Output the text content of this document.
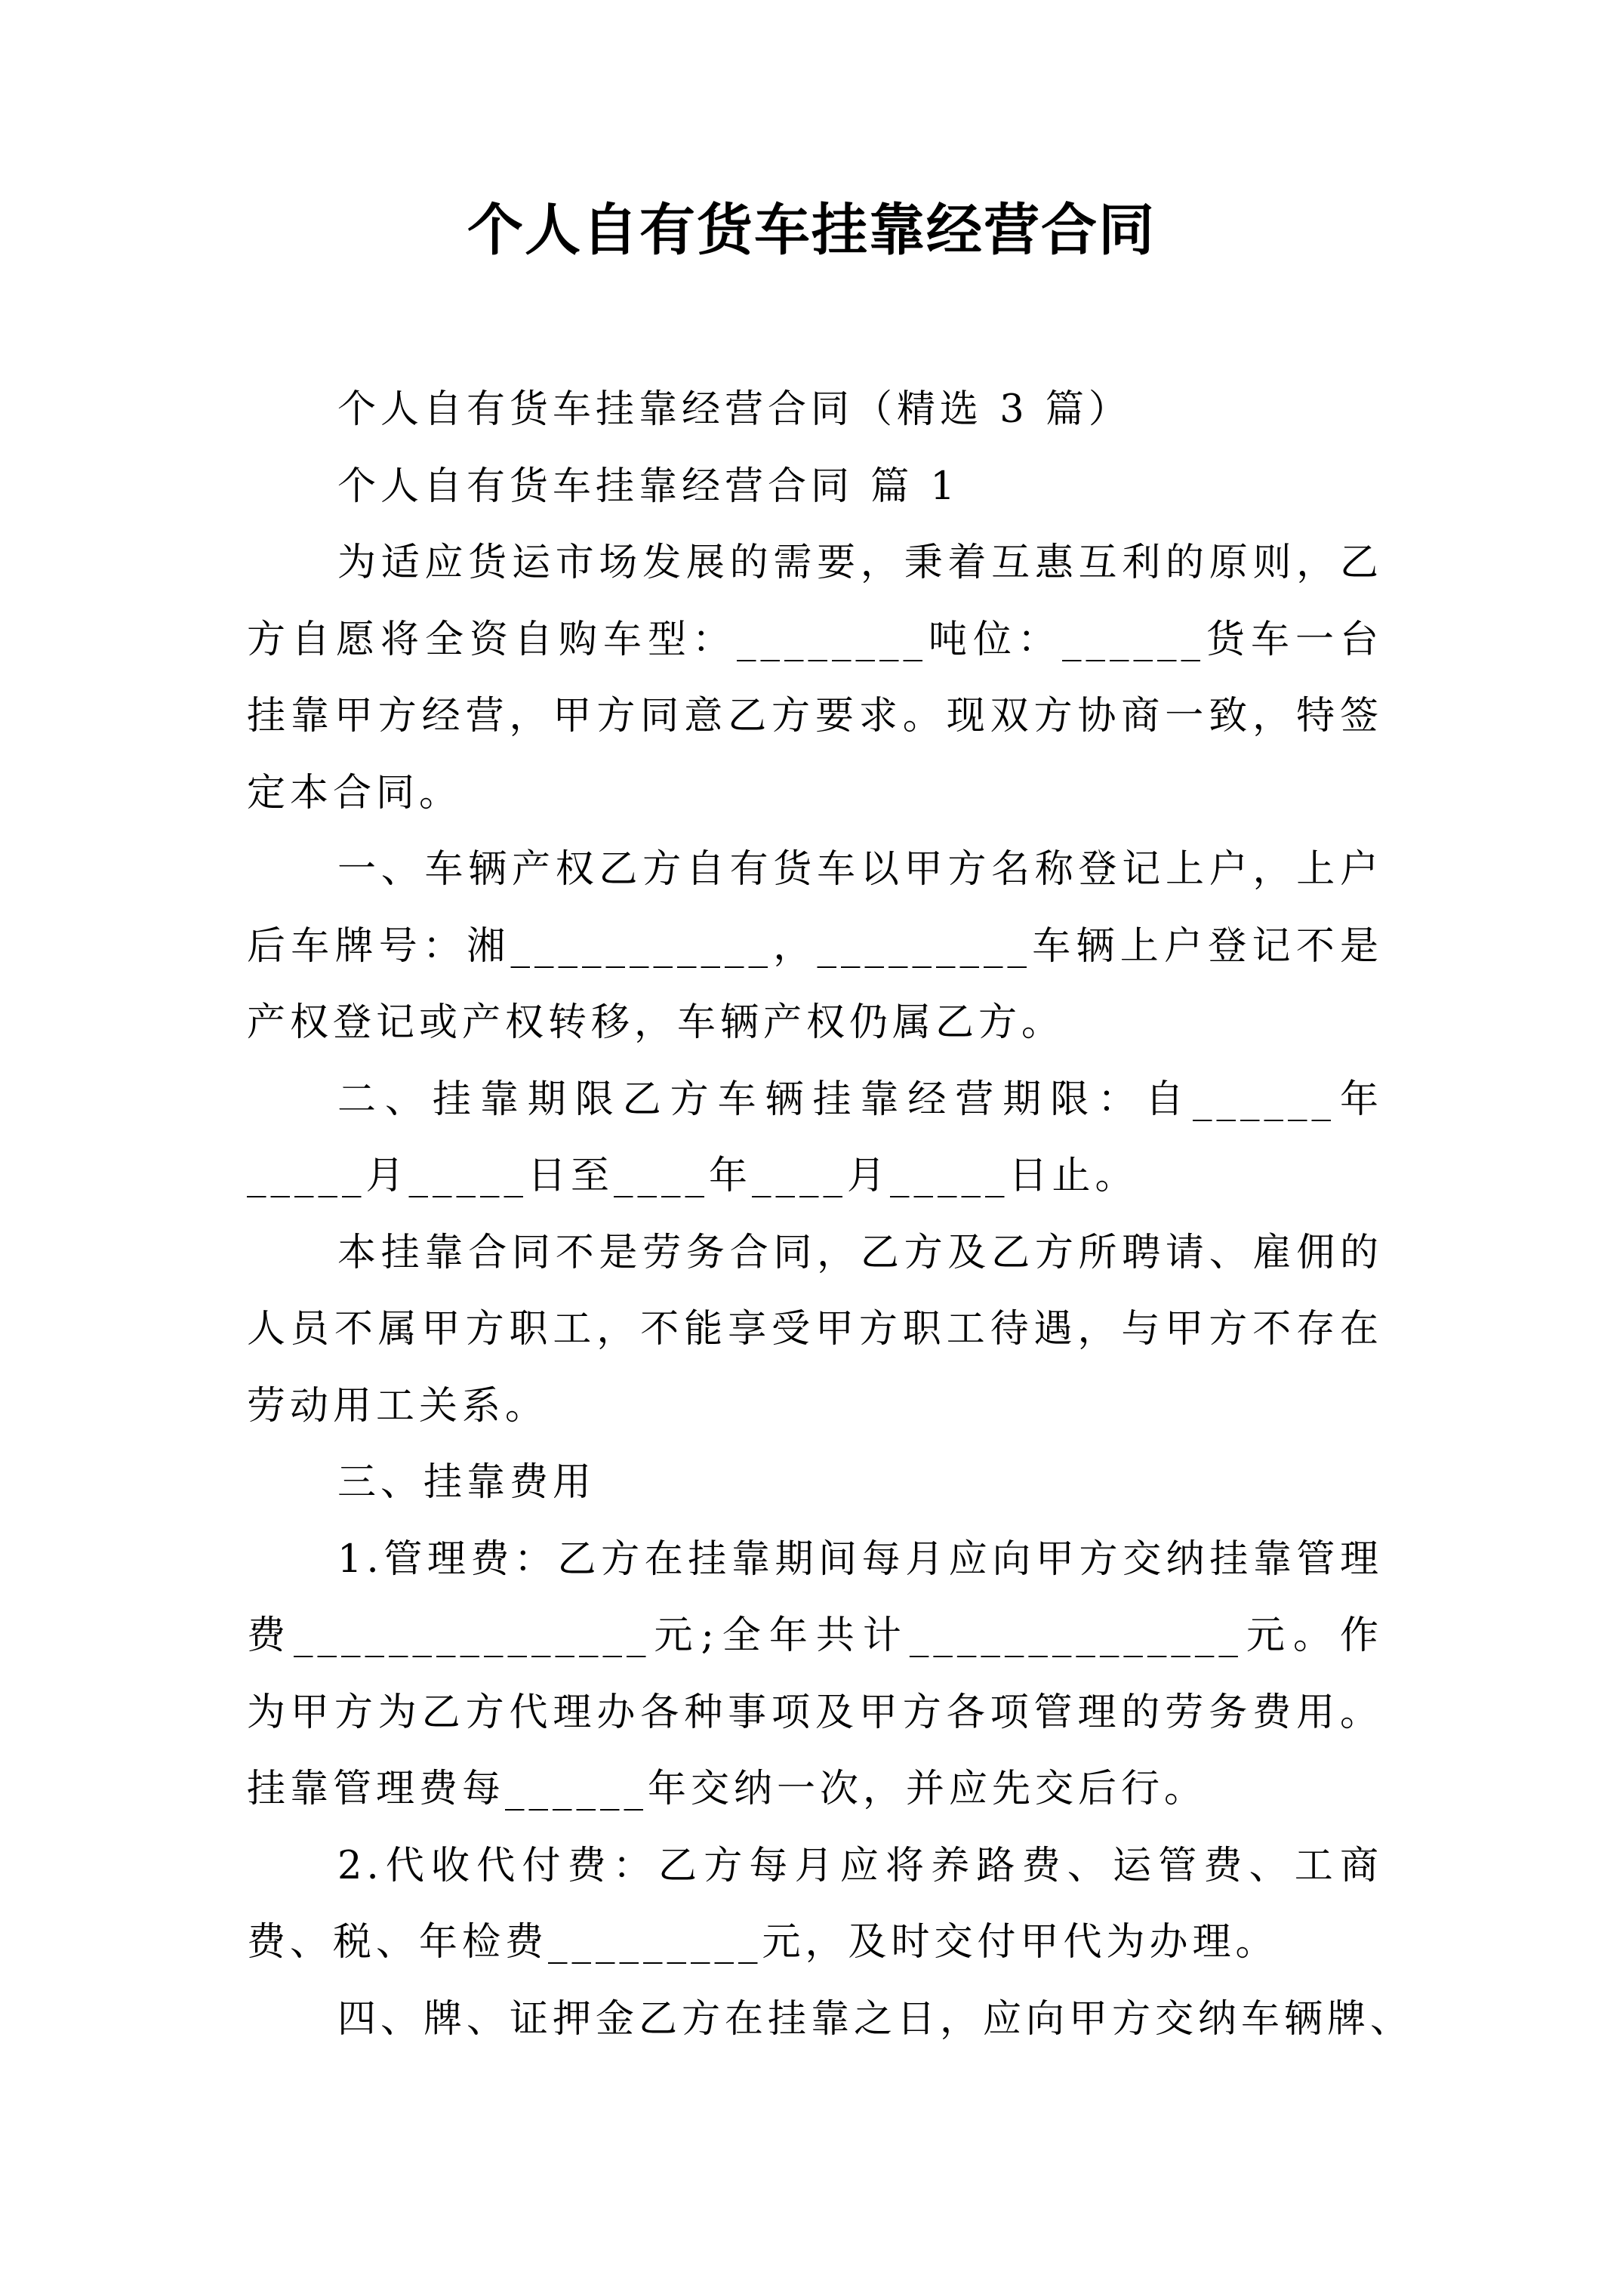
个人自有货车挂靠经营合同

个人自有货车挂靠经营合同（精选 3 篇）

个人自有货车挂靠经营合同 篇 1

为适应货运市场发展的需要，秉着互惠互利的原则，乙方自愿将全资自购车型：________吨位：______货车一台挂靠甲方经营，甲方同意乙方要求。现双方协商一致，特签定本合同。

一、车辆产权乙方自有货车以甲方名称登记上户，上户后车牌号：湘___________，_________车辆上户登记不是产权登记或产权转移，车辆产权仍属乙方。

二、挂靠期限乙方车辆挂靠经营期限：自______年_____月_____日至____年____月_____日止。

本挂靠合同不是劳务合同，乙方及乙方所聘请、雇佣的人员不属甲方职工，不能享受甲方职工待遇，与甲方不存在劳动用工关系。

三、挂靠费用

1.管理费：乙方在挂靠期间每月应向甲方交纳挂靠管理费_______________元;全年共计______________元。作为甲方为乙方代理办各种事项及甲方各项管理的劳务费用。挂靠管理费每______年交纳一次，并应先交后行。

2.代收代付费：乙方每月应将养路费、运管费、工商费、税、年检费_________元，及时交付甲代为办理。

四、牌、证押金乙方在挂靠之日，应向甲方交纳车辆牌、
